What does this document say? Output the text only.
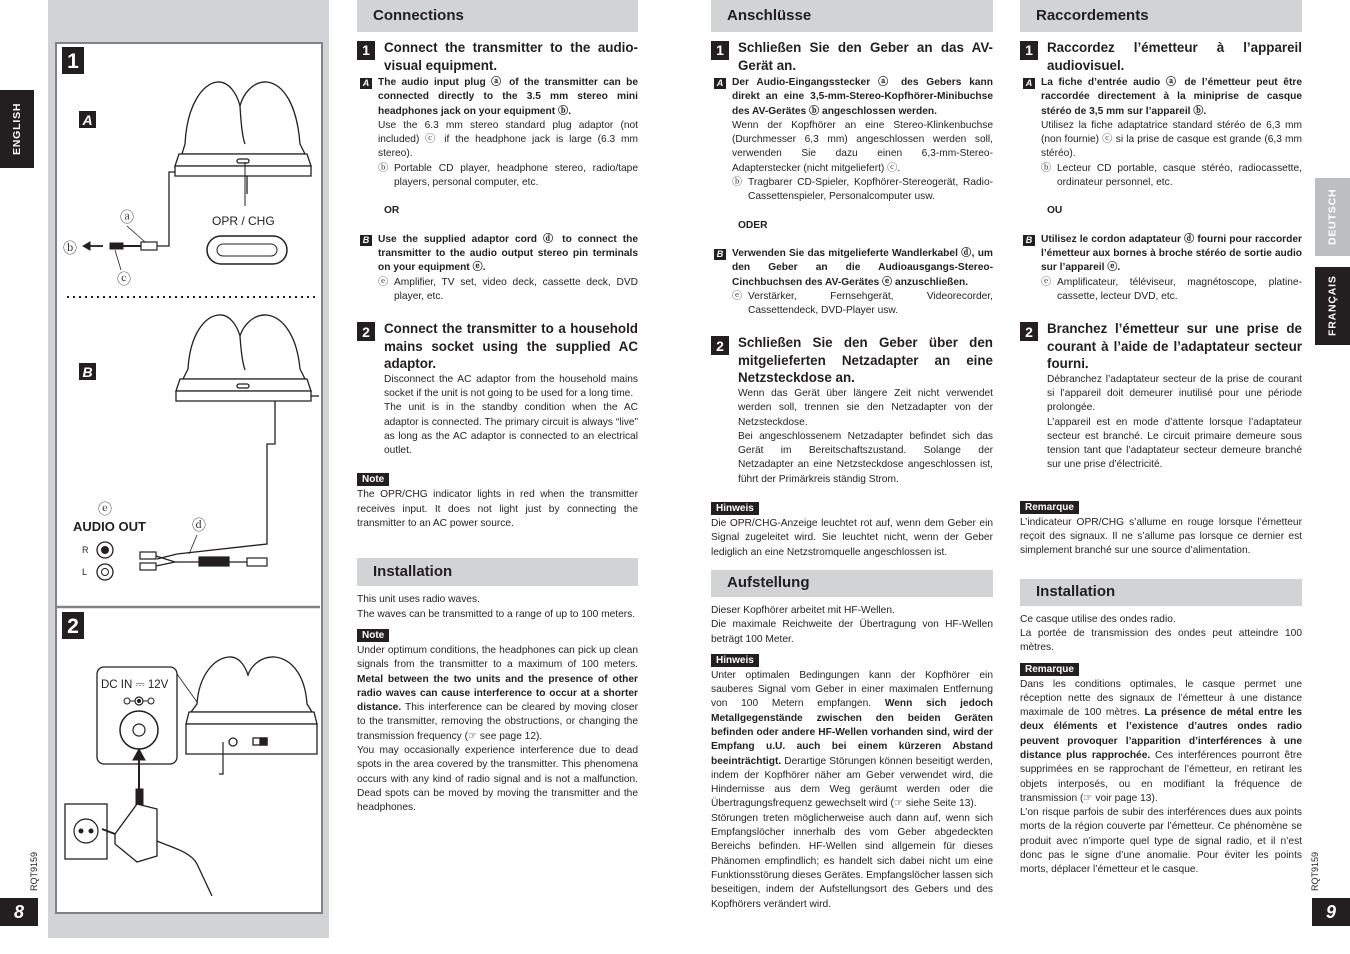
ENGLISH
DEUTSCH
FRANÇAIS
RQT9159	RQT9159
8	9
1
A
OPR / CHG
ⓐ
ⓑ
ⓒ
B
ⓔ
AUDIO OUT	ⓓ
R
L
2
DC IN ⎓ 12V
Connections
1	Connect the transmitter to the audio-visual equipment.
A The audio input plug ⓐ of the transmitter can be connected directly to the 3.5 mm stereo mini headphones jack on your equipment ⓑ.

Use the 6.3 mm stereo standard plug adaptor (not included) ⓒ if the headphone jack is large (6.3 mm stereo).

ⓑ Portable CD player, headphone stereo, radio/tape players, personal computer, etc.

OR
B Use the supplied adaptor cord ⓓ to connect the transmitter to the audio output stereo pin terminals on your equipment ⓔ.

ⓔ Amplifier, TV set, video deck, cassette deck, DVD player, etc.

2	Connect the transmitter to a household mains socket using the supplied AC adaptor.

Disconnect the AC adaptor from the household mains socket if the unit is not going to be used for a long time.

The unit is in the standby condition when the AC adaptor is connected. The primary circuit is always “live” as long as the AC adaptor is connected to an electrical outlet.

Note

The OPR/CHG indicator lights in red when the transmitter receives input. It does not light just by connecting the transmitter to an AC power source.

Installation

This unit uses radio waves.

The waves can be transmitted to a range of up to 100 meters.

Note

Under optimum conditions, the headphones can pick up clean signals from the transmitter to a maximum of 100 meters. Metal between the two units and the presence of other radio waves can cause interference to occur at a shorter distance. This interference can be cleared by moving closer to the transmitter, removing the obstructions, or changing the transmission frequency (☞ see page 12).

You may occasionally experience interference due to dead spots in the area covered by the transmitter. This phenomena occurs with any kind of radio signal and is not a malfunction. Dead spots can be moved by moving the transmitter and the headphones.

Anschlüsse
1	Schließen Sie den Geber an das AV-Gerät an.
A Der Audio-Eingangsstecker ⓐ des Gebers kann direkt an eine 3,5-mm-Stereo-Kopfhörer-Minibuchse des AV-Gerätes ⓑ angeschlossen werden.

Wenn der Kopfhörer an eine Stereo-Klinkenbuchse (Durchmesser 6,3 mm) angeschlossen werden soll, verwenden Sie dazu einen 6,3-mm-Stereo-Adapterstecker (nicht mitgeliefert) ⓒ.

ⓑ Tragbarer CD-Spieler, Kopfhörer-Stereogerät, Radio-Cassettenspieler, Personalcomputer usw.

ODER
B Verwenden Sie das mitgelieferte Wandlerkabel ⓓ, um den Geber an die Audioausgangs-Stereo-Cinchbuchsen des AV-Gerätes ⓔ anzuschließen.

ⓔ Verstärker, Fernsehgerät, Videorecorder, Cassettendeck, DVD-Player usw.

2	Schließen Sie den Geber über den mitgelieferten Netzadapter an eine Netzsteckdose an.

Wenn das Gerät über längere Zeit nicht verwendet werden soll, trennen sie den Netzadapter von der Netzsteckdose.

Bei angeschlossenem Netzadapter befindet sich das Gerät im Bereitschaftszustand. Solange der Netzadapter an eine Netzsteckdose angeschlossen ist, führt der Primärkreis ständig Strom.

Hinweis

Die OPR/CHG-Anzeige leuchtet rot auf, wenn dem Geber ein Signal zugeleitet wird. Sie leuchtet nicht, wenn der Geber lediglich an eine Netzstromquelle angeschlossen ist.

Aufstellung

Dieser Kopfhörer arbeitet mit HF-Wellen.

Die maximale Reichweite der Übertragung von HF-Wellen beträgt 100 Meter.

Hinweis

Unter optimalen Bedingungen kann der Kopfhörer ein sauberes Signal vom Geber in einer maximalen Entfernung von 100 Metern empfangen. Wenn sich jedoch Metallgegenstände zwischen den beiden Geräten befinden oder andere HF-Wellen vorhanden sind, wird der Empfang u.U. auch bei einem kürzeren Abstand beeinträchtigt. Derartige Störungen können beseitigt werden, indem der Kopfhörer näher am Geber verwendet wird, die Hindernisse aus dem Weg geräumt werden oder die Übertragungsfrequenz gewechselt wird (☞ siehe Seite 13).

Störungen treten möglicherweise auch dann auf, wenn sich Empfangslöcher innerhalb des vom Geber abgedeckten Bereichs befinden. HF-Wellen sind allgemein für dieses Phänomen empfindlich; es handelt sich dabei nicht um eine Funktionsstörung dieses Gerätes. Empfangslöcher lassen sich beseitigen, indem der Aufstellungsort des Gebers und des Kopfhörers verändert wird.

Raccordements
1	Raccordez l’émetteur à l’appareil audiovisuel.
A La fiche d’entrée audio ⓐ de l’émetteur peut être raccordée directement à la miniprise de casque stéréo de 3,5 mm sur l’appareil ⓑ.

Utilisez la fiche adaptatrice standard stéréo de 6,3 mm (non fournie) ⓒ si la prise de casque est grande (6,3 mm stéréo).

ⓑ Lecteur CD portable, casque stéréo, radiocassette, ordinateur personnel, etc.

OU
B Utilisez le cordon adaptateur ⓓ fourni pour raccorder l’émetteur aux bornes à broche stéréo de sortie audio sur l’appareil ⓔ.

ⓔ Amplificateur, téléviseur, magnétoscope, platine-cassette, lecteur DVD, etc.

2	Branchez l’émetteur sur une prise de courant à l’aide de l’adaptateur secteur fourni.

Débranchez l’adaptateur secteur de la prise de courant si l’appareil doit demeurer inutilisé pour une période prolongée.

L’appareil est en mode d’attente lorsque l’adaptateur secteur est branché. Le circuit primaire demeure sous tension tant que l’adaptateur secteur demeure branché sur une prise d’électricité.

Remarque

L’indicateur OPR/CHG s’allume en rouge lorsque l’émetteur reçoit des signaux. Il ne s’allume pas lorsque ce dernier est simplement branché sur une source d’alimentation.

Installation

Ce casque utilise des ondes radio.

La portée de transmission des ondes peut atteindre 100 mètres.

Remarque

Dans les conditions optimales, le casque permet une réception nette des signaux de l’émetteur à une distance maximale de 100 mètres. La présence de métal entre les deux éléments et l’existence d’autres ondes radio peuvent provoquer l’apparition d’interférences à une distance plus rapprochée. Ces interférences pourront être supprimées en se rapprochant de l’émetteur, en retirant les objets interposés, ou en modifiant la fréquence de transmission (☞ voir page 13).

L’on risque parfois de subir des interférences dues aux points morts de la région couverte par l’émetteur. Ce phénomène se produit avec n’importe quel type de signal radio, et il n’est donc pas le signe d’une anomalie. Pour éviter les points morts, déplacer l’émetteur et le casque.
